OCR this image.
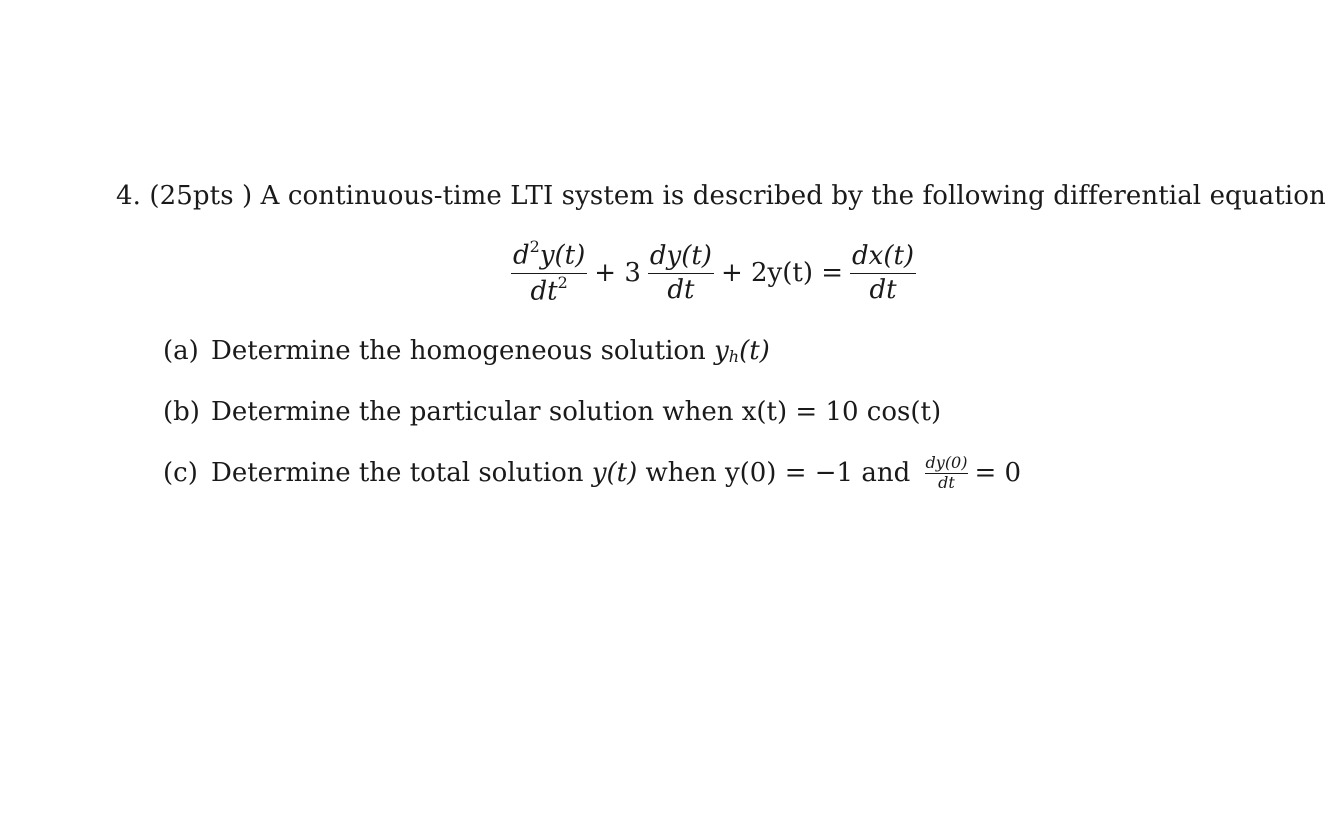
4. (25pts ) A continuous-time LTI system is described by the following differential equation
$\frac{d^2y(t)}{dt^2} + 3 \frac{dy(t)}{dt} + 2y(t) = \frac{dx(t)}{dt}$
(a) Determine the homogeneous solution y h (t)
(b) Determine the particular solution when x(t) = 10 cos(t)
(c) Determine the total solution y(t) when y(0) = −1 and $\frac{dy(0)}{dt} = 0$
